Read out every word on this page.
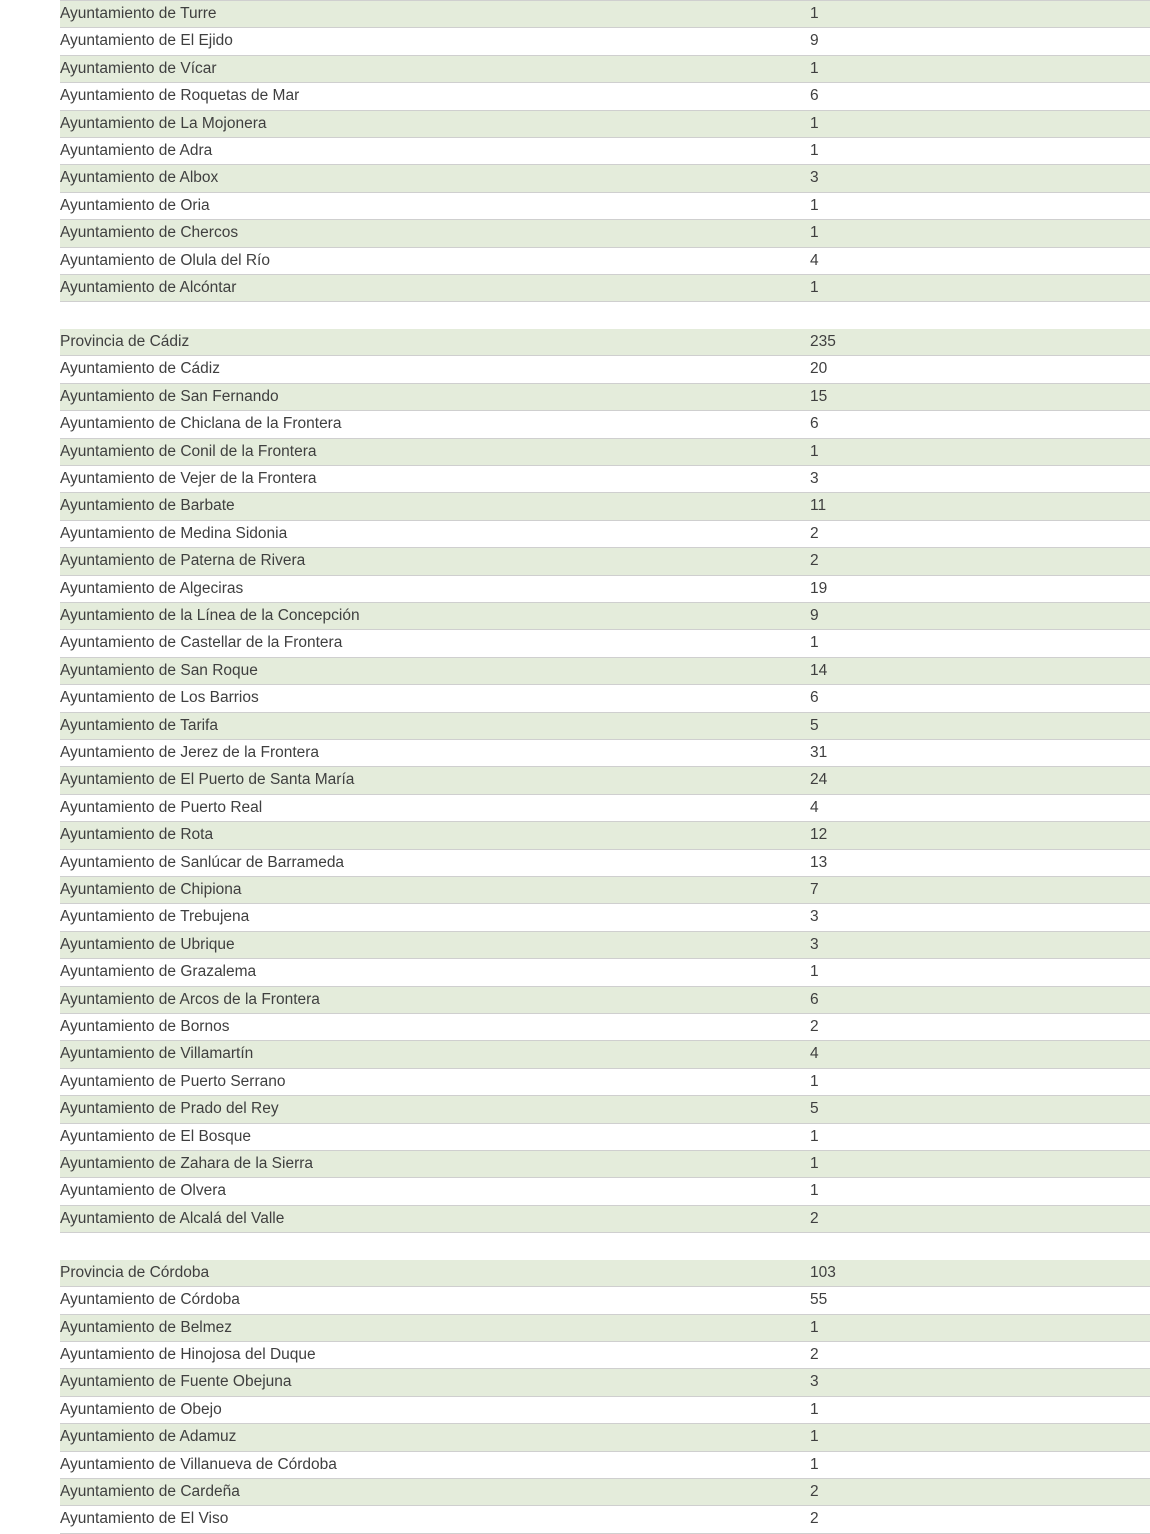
	Ayuntamiento de Turre	1
	Ayuntamiento de El Ejido	9
	Ayuntamiento de Vícar	1
	Ayuntamiento de Roquetas de Mar	6
	Ayuntamiento de La Mojonera	1
	Ayuntamiento de Adra	1
	Ayuntamiento de Albox	3
	Ayuntamiento de Oria	1
	Ayuntamiento de Chercos	1
	Ayuntamiento de Olula del Río	4
	Ayuntamiento de Alcóntar	1

	Provincia de Cádiz	235
	Ayuntamiento de Cádiz	20
	Ayuntamiento de San Fernando	15
	Ayuntamiento de Chiclana de la Frontera	6
	Ayuntamiento de Conil de la Frontera	1
	Ayuntamiento de Vejer de la Frontera	3
	Ayuntamiento de Barbate	11
	Ayuntamiento de Medina Sidonia	2
	Ayuntamiento de Paterna de Rivera	2
	Ayuntamiento de Algeciras	19
	Ayuntamiento de la Línea de la Concepción	9
	Ayuntamiento de Castellar de la Frontera	1
	Ayuntamiento de San Roque	14
	Ayuntamiento de Los Barrios	6
	Ayuntamiento de Tarifa	5
	Ayuntamiento de Jerez de la Frontera	31
	Ayuntamiento de El Puerto de Santa María	24
	Ayuntamiento de Puerto Real	4
	Ayuntamiento de Rota	12
	Ayuntamiento de Sanlúcar de Barrameda	13
	Ayuntamiento de Chipiona	7
	Ayuntamiento de Trebujena	3
	Ayuntamiento de Ubrique	3
	Ayuntamiento de Grazalema	1
	Ayuntamiento de Arcos de la Frontera	6
	Ayuntamiento de Bornos	2
	Ayuntamiento de Villamartín	4
	Ayuntamiento de Puerto Serrano	1
	Ayuntamiento de Prado del Rey	5
	Ayuntamiento de El Bosque	1
	Ayuntamiento de Zahara de la Sierra	1
	Ayuntamiento de Olvera	1
	Ayuntamiento de Alcalá del Valle	2

	Provincia de Córdoba	103
	Ayuntamiento de Córdoba	55
	Ayuntamiento de Belmez	1
	Ayuntamiento de Hinojosa del Duque	2
	Ayuntamiento de Fuente Obejuna	3
	Ayuntamiento de Obejo	1
	Ayuntamiento de Adamuz	1
	Ayuntamiento de Villanueva de Córdoba	1
	Ayuntamiento de Cardeña	2
	Ayuntamiento de El Viso	2
